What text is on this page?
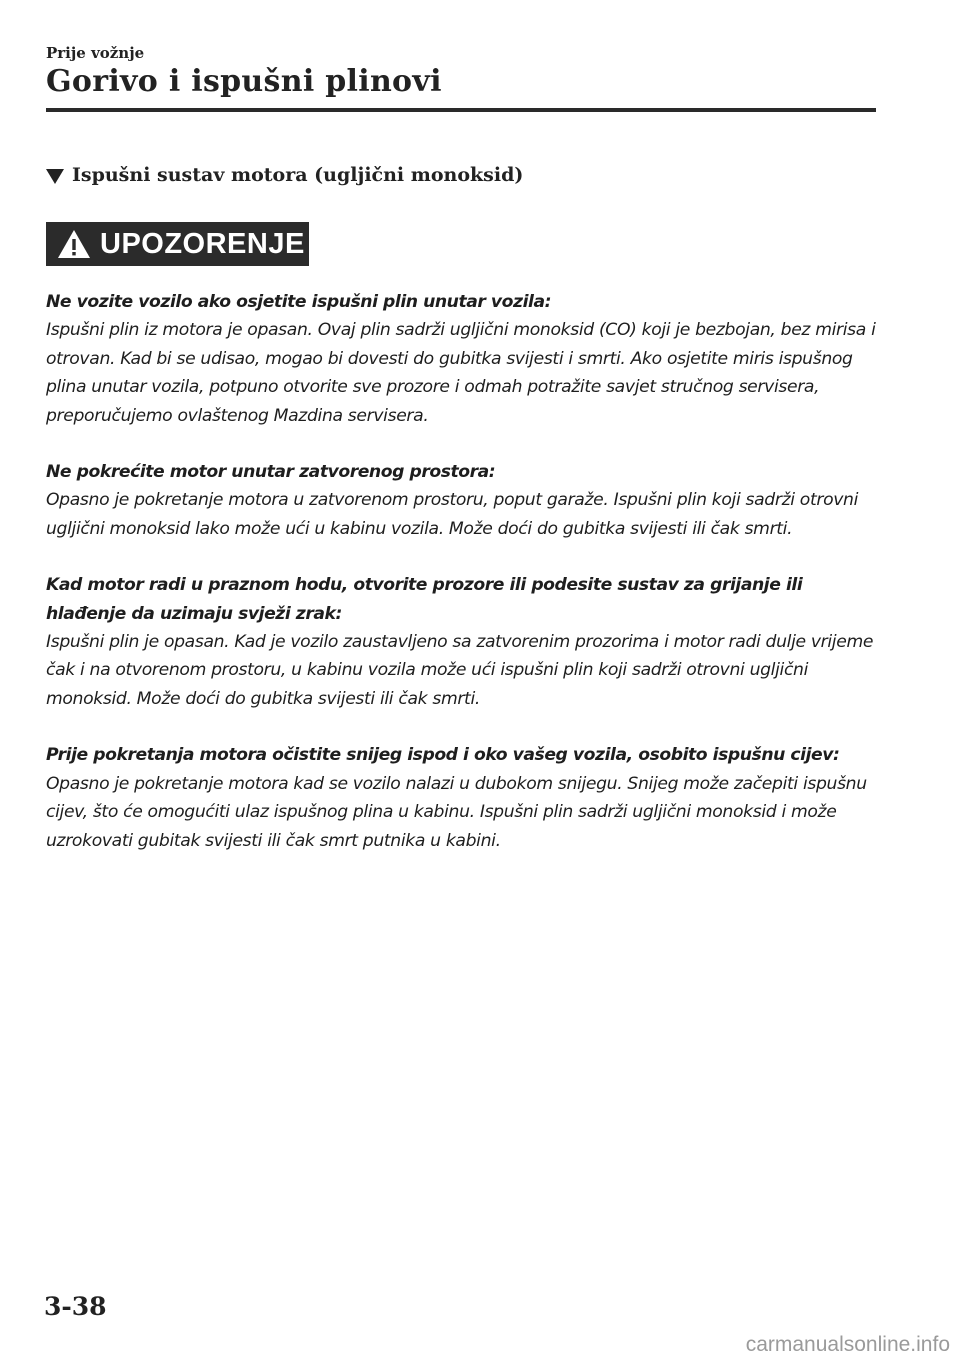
Prije vožnje
Gorivo i ispušni plinovi
Ispušni sustav motora (ugljični monoksid)
UPOZORENJE
Ne vozite vozilo ako osjetite ispušni plin unutar vozila:
Ispušni plin iz motora je opasan. Ovaj plin sadrži ugljični monoksid (CO) koji je bezbojan, bez mirisa i otrovan. Kad bi se udisao, mogao bi dovesti do gubitka svijesti i smrti. Ako osjetite miris ispušnog plina unutar vozila, potpuno otvorite sve prozore i odmah potražite savjet stručnog servisera, preporučujemo ovlaštenog Mazdina servisera.
Ne pokrećite motor unutar zatvorenog prostora:
Opasno je pokretanje motora u zatvorenom prostoru, poput garaže. Ispušni plin koji sadrži otrovni ugljični monoksid lako može ući u kabinu vozila. Može doći do gubitka svijesti ili čak smrti.
Kad motor radi u praznom hodu, otvorite prozore ili podesite sustav za grijanje ili hlađenje da uzimaju svježi zrak:
Ispušni plin je opasan. Kad je vozilo zaustavljeno sa zatvorenim prozorima i motor radi dulje vrijeme čak i na otvorenom prostoru, u kabinu vozila može ući ispušni plin koji sadrži otrovni ugljični monoksid. Može doći do gubitka svijesti ili čak smrti.
Prije pokretanja motora očistite snijeg ispod i oko vašeg vozila, osobito ispušnu cijev:
Opasno je pokretanje motora kad se vozilo nalazi u dubokom snijegu. Snijeg može začepiti ispušnu cijev, što će omogućiti ulaz ispušnog plina u kabinu. Ispušni plin sadrži ugljični monoksid i može uzrokovati gubitak svijesti ili čak smrt putnika u kabini.
3-38
carmanualsonline.info
